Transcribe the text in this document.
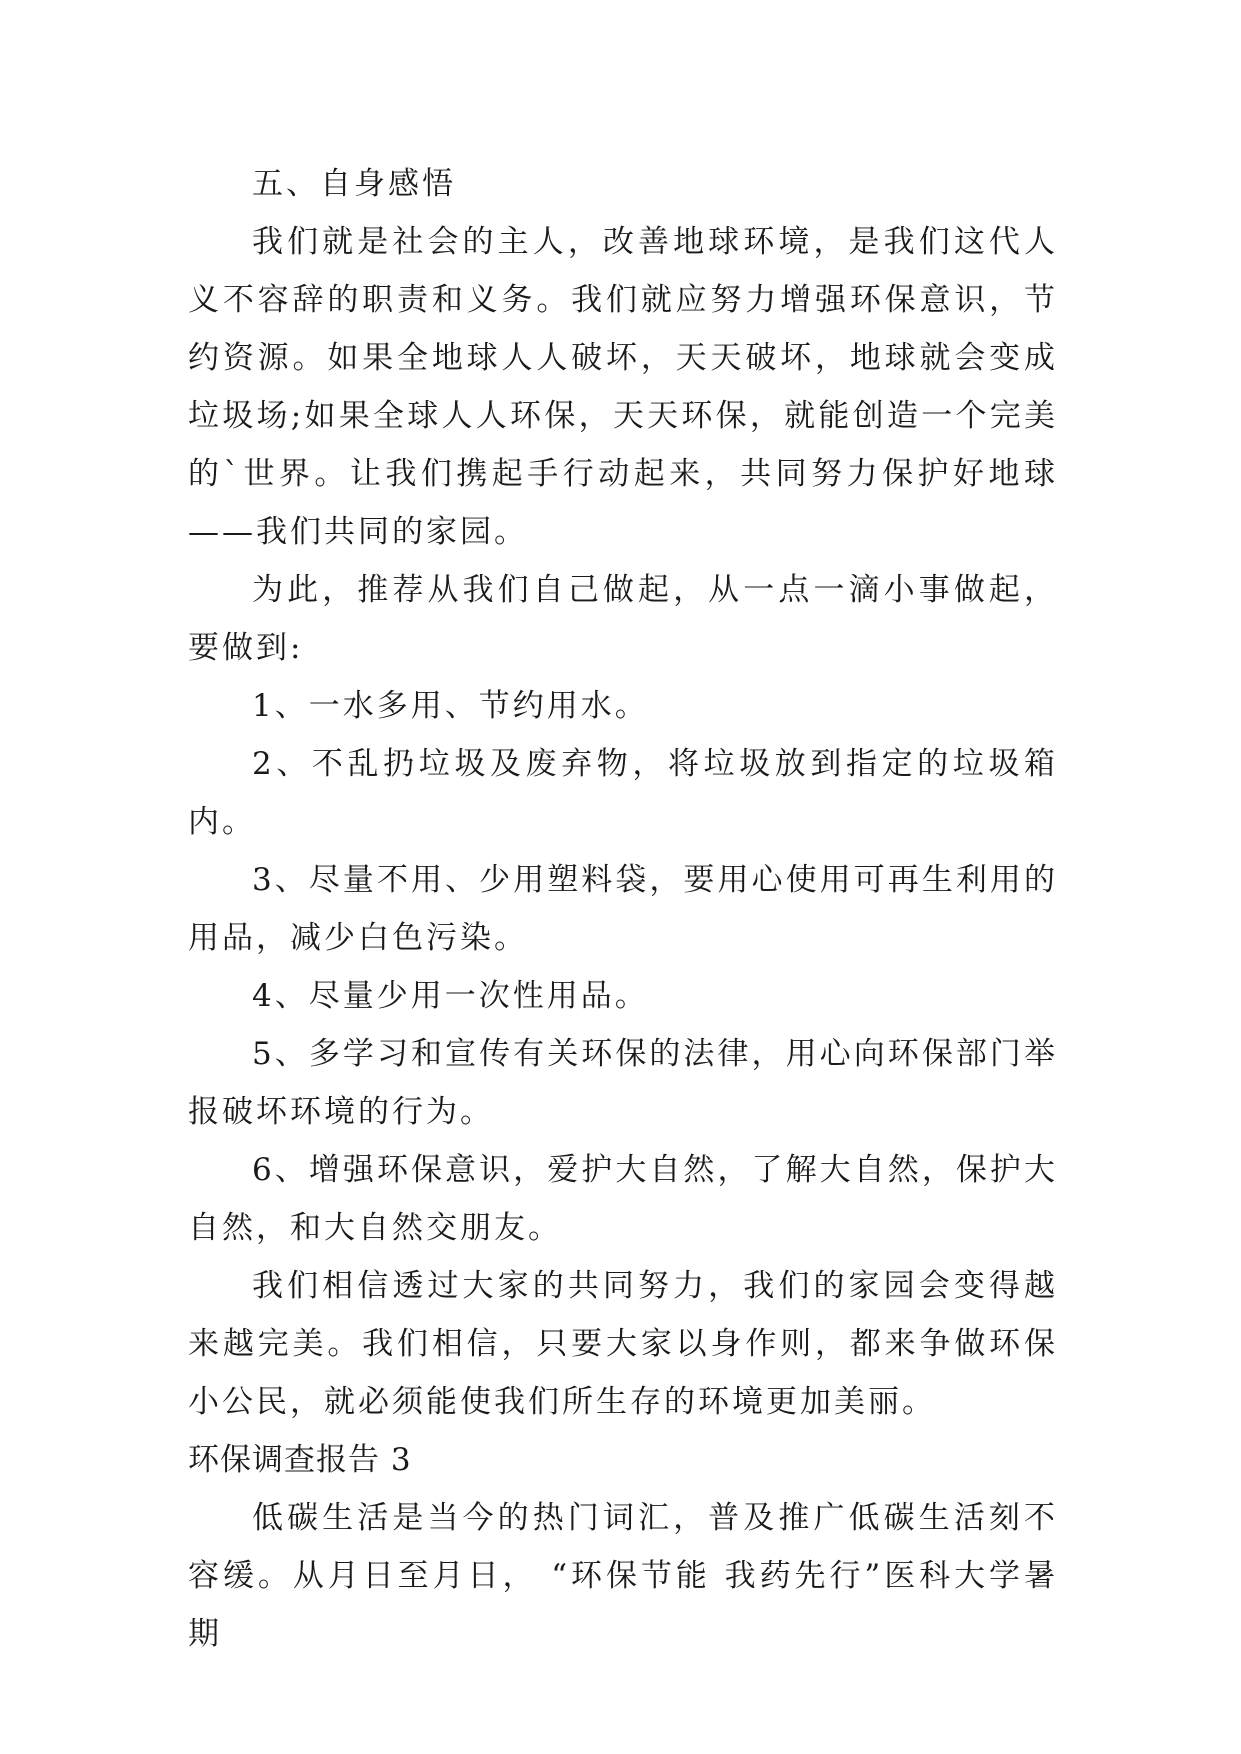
五、自身感悟

我们就是社会的主人，改善地球环境，是我们这代人义不容辞的职责和义务。我们就应努力增强环保意识，节约资源。如果全地球人人破坏，天天破坏，地球就会变成垃圾场;如果全球人人环保，天天环保，就能创造一个完美的`世界。让我们携起手行动起来，共同努力保护好地球——我们共同的家园。

为此，推荐从我们自己做起，从一点一滴小事做起，要做到:

1、一水多用、节约用水。

2、不乱扔垃圾及废弃物，将垃圾放到指定的垃圾箱内。

3、尽量不用、少用塑料袋，要用心使用可再生利用的用品，减少白色污染。

4、尽量少用一次性用品。

5、多学习和宣传有关环保的法律，用心向环保部门举报破坏环境的行为。

6、增强环保意识，爱护大自然，了解大自然，保护大自然，和大自然交朋友。

我们相信透过大家的共同努力，我们的家园会变得越来越完美。我们相信，只要大家以身作则，都来争做环保小公民，就必须能使我们所生存的环境更加美丽。

环保调查报告 3

低碳生活是当今的热门词汇，普及推广低碳生活刻不容缓。从月日至月日， “环保节能 我药先行”医科大学暑期
